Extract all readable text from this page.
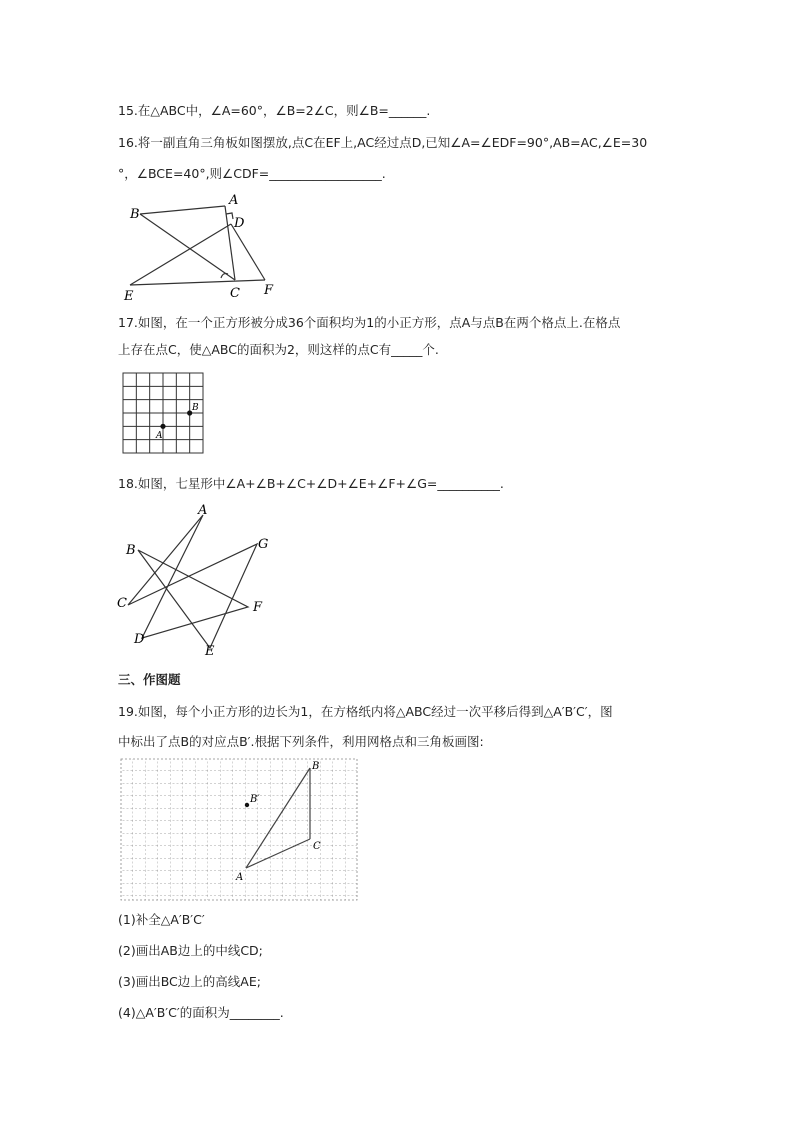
15.在△ABC中，∠A=60°，∠B=2∠C，则∠B=______.
16.将一副直角三角板如图摆放,点C在EF上,AC经过点D,已知∠A=∠EDF=90°,AB=AC,∠E=30
°，∠BCE=40°,则∠CDF=__________________.
B
A
D
E	C F
17.如图，在一个正方形被分成36个面积均为1的小正方形，点A与点B在两个格点上.在格点
上存在点C，使△ABC的面积为2，则这样的点C有_____个.
A
B
18.如图，七星形中∠A+∠B+∠C+∠D+∠E+∠F+∠G=__________.
A
B	G
C	F
D
E
三、作图题
19.如图，每个小正方形的边长为1，在方格纸内将△ABC经过一次平移后得到△A′B′C′，图
中标出了点B的对应点B′.根据下列条件，利用网格点和三角板画图:
B
B′
C
A
(1)补全△A′B′C′
(2)画出AB边上的中线CD;
(3)画出BC边上的高线AE;
(4)△A′B′C′的面积为________.
